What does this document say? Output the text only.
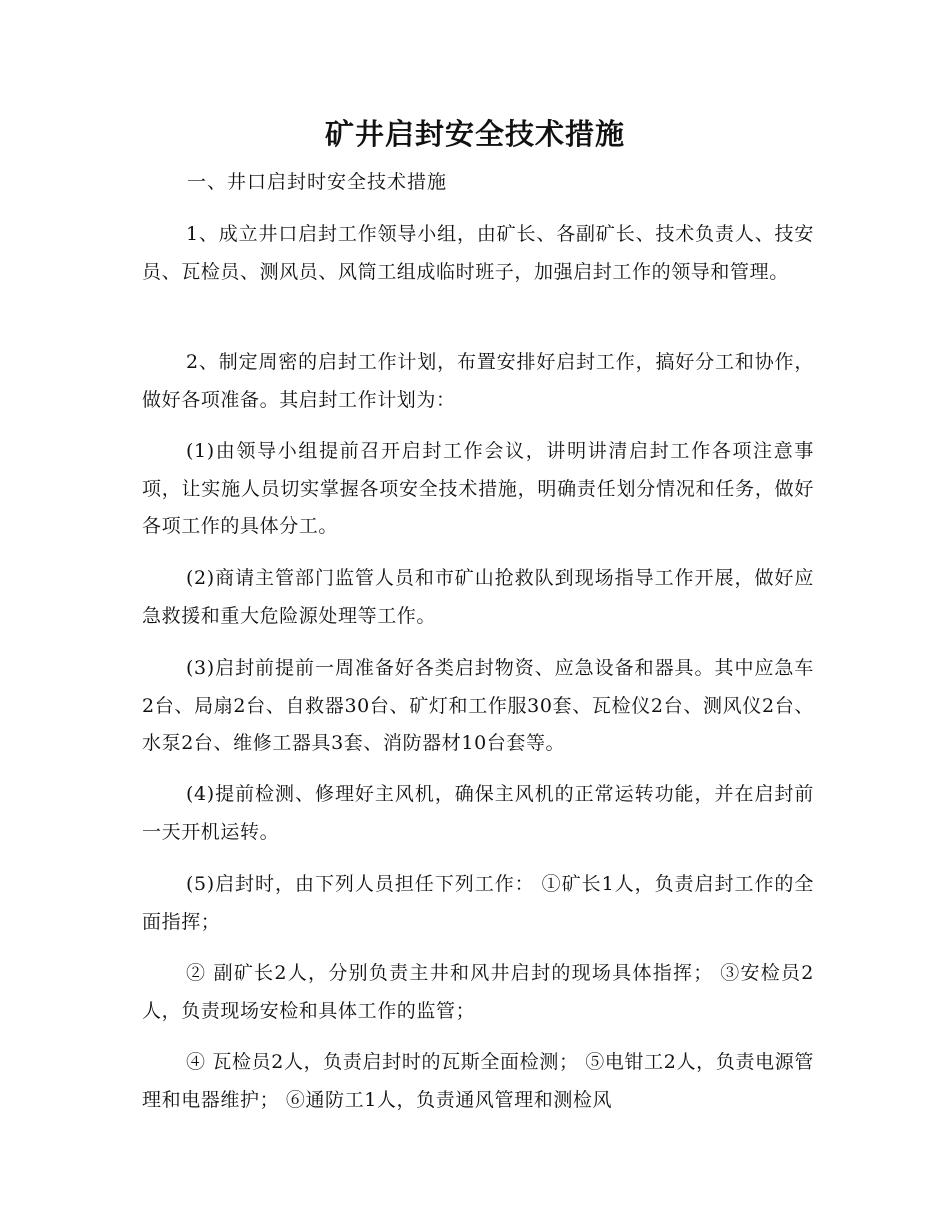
矿井启封安全技术措施

一、井口启封时安全技术措施

1、成立井口启封工作领导小组，由矿长、各副矿长、技术负责人、技安员、瓦检员、测风员、风筒工组成临时班子，加强启封工作的领导和管理。

2、制定周密的启封工作计划，布置安排好启封工作，搞好分工和协作，做好各项准备。其启封工作计划为：

(1)由领导小组提前召开启封工作会议，讲明讲清启封工作各项注意事项，让实施人员切实掌握各项安全技术措施，明确责任划分情况和任务，做好各项工作的具体分工。

(2)商请主管部门监管人员和市矿山抢救队到现场指导工作开展，做好应急救援和重大危险源处理等工作。

(3)启封前提前一周准备好各类启封物资、应急设备和器具。其中应急车2台、局扇2台、自救器30台、矿灯和工作服30套、瓦检仪2台、测风仪2台、水泵2台、维修工器具3套、消防器材10台套等。

(4)提前检测、修理好主风机，确保主风机的正常运转功能，并在启封前一天开机运转。

(5)启封时，由下列人员担任下列工作： ①矿长1人，负责启封工作的全面指挥；

② 副矿长2人，分别负责主井和风井启封的现场具体指挥； ③安检员2人，负责现场安检和具体工作的监管；

④ 瓦检员2人，负责启封时的瓦斯全面检测； ⑤电钳工2人，负责电源管理和电器维护； ⑥通防工1人，负责通风管理和测检风
